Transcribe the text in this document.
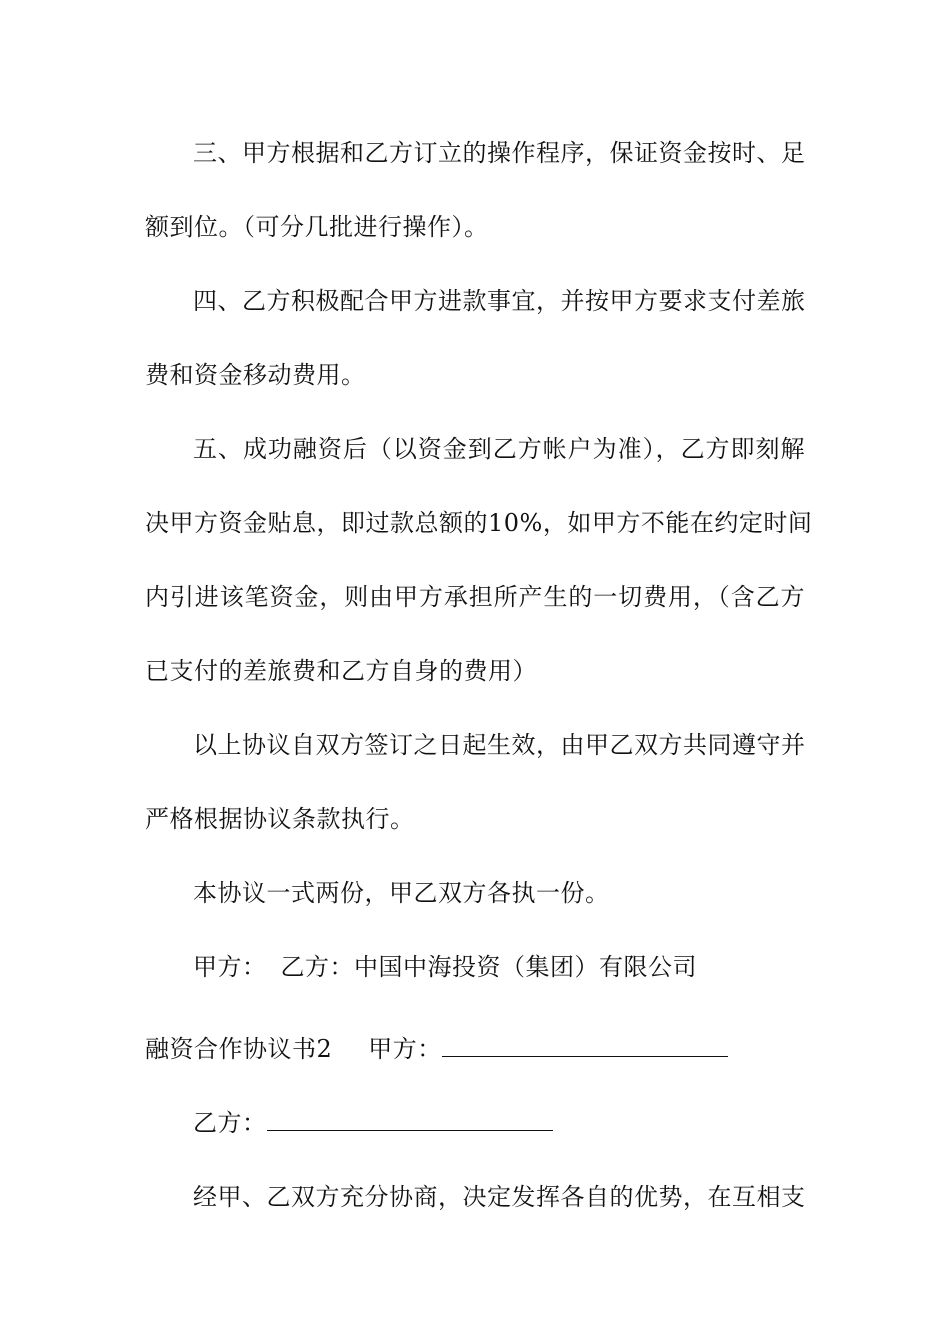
三、甲方根据和乙方订立的操作程序，保证资金按时、足

额到位。（可分几批进行操作）。

四、乙方积极配合甲方进款事宜，并按甲方要求支付差旅

费和资金移动费用。

五、成功融资后（以资金到乙方帐户为准），乙方即刻解

决甲方资金贴息，即过款总额的10%，如甲方不能在约定时间

内引进该笔资金，则由甲方承担所产生的一切费用，（含乙方

已支付的差旅费和乙方自身的费用）

以上协议自双方签订之日起生效，由甲乙双方共同遵守并

严格根据协议条款执行。

本协议一式两份，甲乙双方各执一份。

甲方： 乙方：中国中海投资（集团）有限公司

融资合作协议书2 甲方：

乙方：

经甲、乙双方充分协商，决定发挥各自的优势，在互相支
